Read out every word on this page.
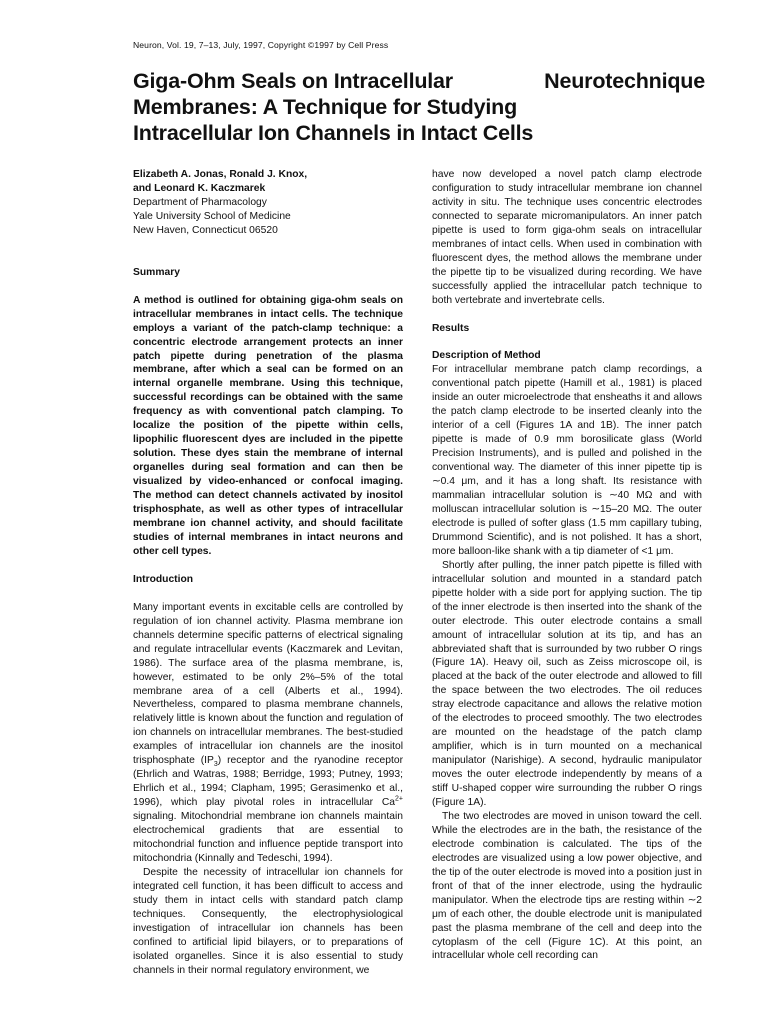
Neuron, Vol. 19, 7–13, July, 1997, Copyright ©1997 by Cell Press
Giga-Ohm Seals on Intracellular	Neurotechnique
Membranes: A Technique for Studying
Intracellular Ion Channels in Intact Cells
Elizabeth A. Jonas, Ronald J. Knox,
and Leonard K. Kaczmarek
Department of Pharmacology
Yale University School of Medicine
New Haven, Connecticut 06520

Summary

A method is outlined for obtaining giga-ohm seals on intracellular membranes in intact cells. The technique employs a variant of the patch-clamp technique: a concentric electrode arrangement protects an inner patch pipette during penetration of the plasma membrane, after which a seal can be formed on an internal organelle membrane. Using this technique, successful recordings can be obtained with the same frequency as with conventional patch clamping. To localize the position of the pipette within cells, lipophilic fluorescent dyes are included in the pipette solution. These dyes stain the membrane of internal organelles during seal formation and can then be visualized by video-enhanced or confocal imaging. The method can detect channels activated by inositol trisphosphate, as well as other types of intracellular membrane ion channel activity, and should facilitate studies of internal membranes in intact neurons and other cell types.

Introduction

Many important events in excitable cells are controlled by regulation of ion channel activity. Plasma membrane ion channels determine specific patterns of electrical signaling and regulate intracellular events (Kaczmarek and Levitan, 1986). The surface area of the plasma membrane, is, however, estimated to be only 2%–5% of the total membrane area of a cell (Alberts et al., 1994). Nevertheless, compared to plasma membrane channels, relatively little is known about the function and regulation of ion channels on intracellular membranes. The best-studied examples of intracellular ion channels are the inositol trisphosphate $(IP_3)$ receptor and the ryanodine receptor (Ehrlich and Watras, 1988; Berridge, 1993; Putney, 1993; Ehrlich et al., 1994; Clapham, 1995; Gerasimenko et al., 1996), which play pivotal roles in intracellular $Ca^{2+}$ signaling. Mitochondrial membrane ion channels maintain electrochemical gradients that are essential to mitochondrial function and influence peptide transport into mitochondria (Kinnally and Tedeschi, 1994).

Despite the necessity of intracellular ion channels for integrated cell function, it has been difficult to access and study them in intact cells with standard patch clamp techniques. Consequently, the electrophysiological investigation of intracellular ion channels has been confined to artificial lipid bilayers, or to preparations of isolated organelles. Since it is also essential to study channels in their normal regulatory environment, we

have now developed a novel patch clamp electrode configuration to study intracellular membrane ion channel activity in situ. The technique uses concentric electrodes connected to separate micromanipulators. An inner patch pipette is used to form giga-ohm seals on intracellular membranes of intact cells. When used in combination with fluorescent dyes, the method allows the membrane under the pipette tip to be visualized during recording. We have successfully applied the intracellular patch technique to both vertebrate and invertebrate cells.

Results

Description of Method

For intracellular membrane patch clamp recordings, a conventional patch pipette (Hamill et al., 1981) is placed inside an outer microelectrode that ensheaths it and allows the patch clamp electrode to be inserted cleanly into the interior of a cell (Figures 1A and 1B). The inner patch pipette is made of 0.9 mm borosilicate glass (World Precision Instruments), and is pulled and polished in the conventional way. The diameter of this inner pipette tip is ∼0.4 μm, and it has a long shaft. Its resistance with mammalian intracellular solution is ∼40 MΩ and with molluscan intracellular solution is ∼15–20 MΩ. The outer electrode is pulled of softer glass (1.5 mm capillary tubing, Drummond Scientific), and is not polished. It has a short, more balloon-like shank with a tip diameter of <1 μm.

Shortly after pulling, the inner patch pipette is filled with intracellular solution and mounted in a standard patch pipette holder with a side port for applying suction. The tip of the inner electrode is then inserted into the shank of the outer electrode. This outer electrode contains a small amount of intracellular solution at its tip, and has an abbreviated shaft that is surrounded by two rubber O rings (Figure 1A). Heavy oil, such as Zeiss microscope oil, is placed at the back of the outer electrode and allowed to fill the space between the two electrodes. The oil reduces stray electrode capacitance and allows the relative motion of the electrodes to proceed smoothly. The two electrodes are mounted on the headstage of the patch clamp amplifier, which is in turn mounted on a mechanical manipulator (Narishige). A second, hydraulic manipulator moves the outer electrode independently by means of a stiff U-shaped copper wire surrounding the rubber O rings (Figure 1A).

The two electrodes are moved in unison toward the cell. While the electrodes are in the bath, the resistance of the electrode combination is calculated. The tips of the electrodes are visualized using a low power objective, and the tip of the outer electrode is moved into a position just in front of that of the inner electrode, using the hydraulic manipulator. When the electrode tips are resting within ∼2 μm of each other, the double electrode unit is manipulated past the plasma membrane of the cell and deep into the cytoplasm of the cell (Figure 1C). At this point, an intracellular whole cell recording can
